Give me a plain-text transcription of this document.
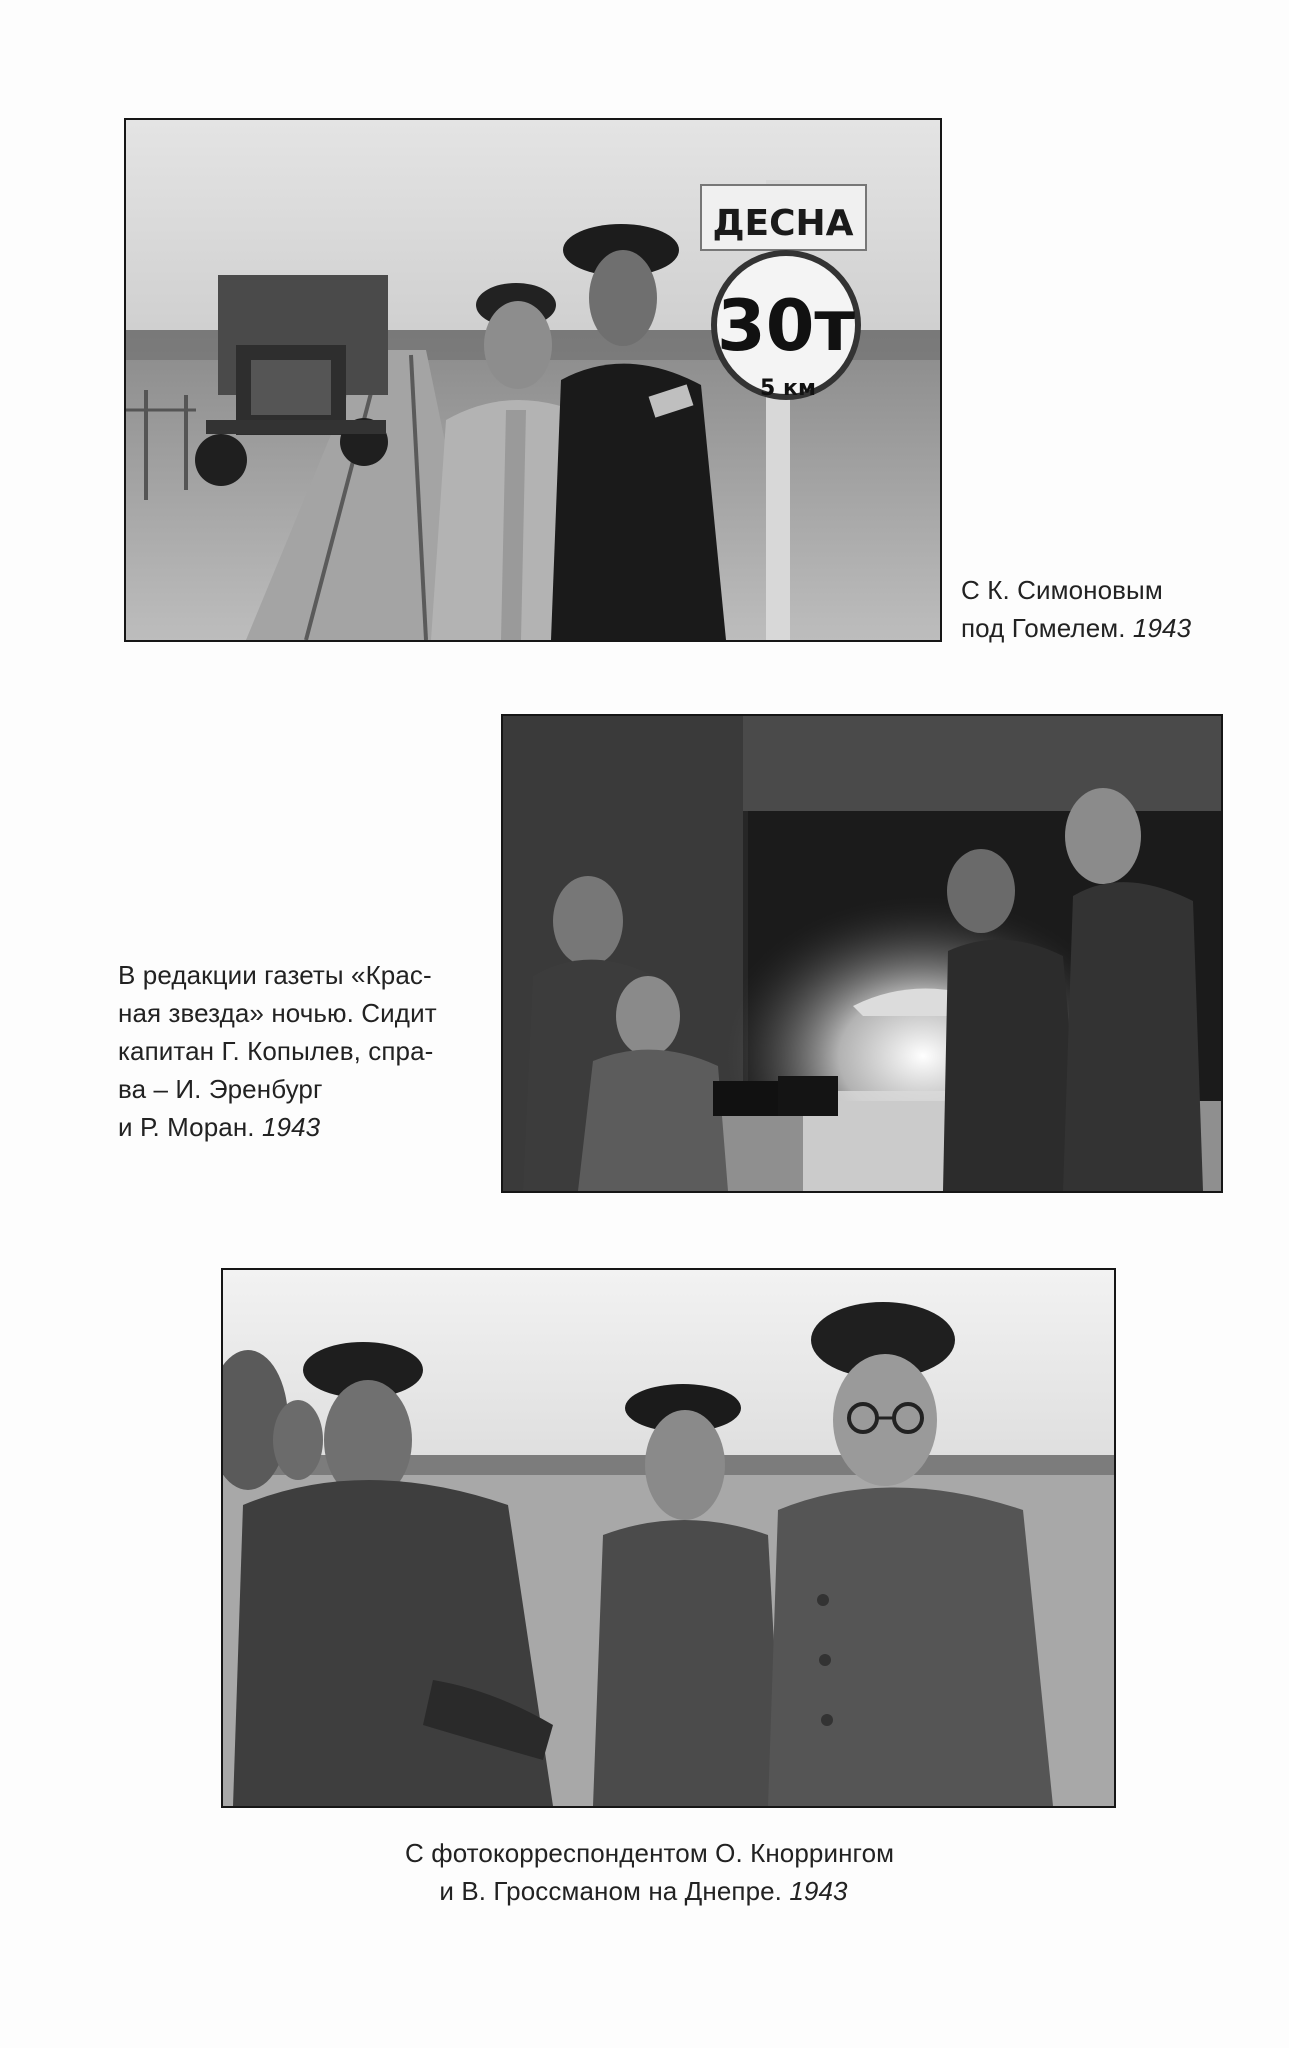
ДЕСНА
30т
5 км
С К. Симоновым
под Гомелем. 1943
В редакции газеты «Крас-
ная звезда» ночью. Сидит
капитан Г. Копылев, спра-
ва – И. Эренбург
и Р. Моран. 1943
С фотокорреспондентом О. Кноррингом
и В. Гроссманом на Днепре. 1943
